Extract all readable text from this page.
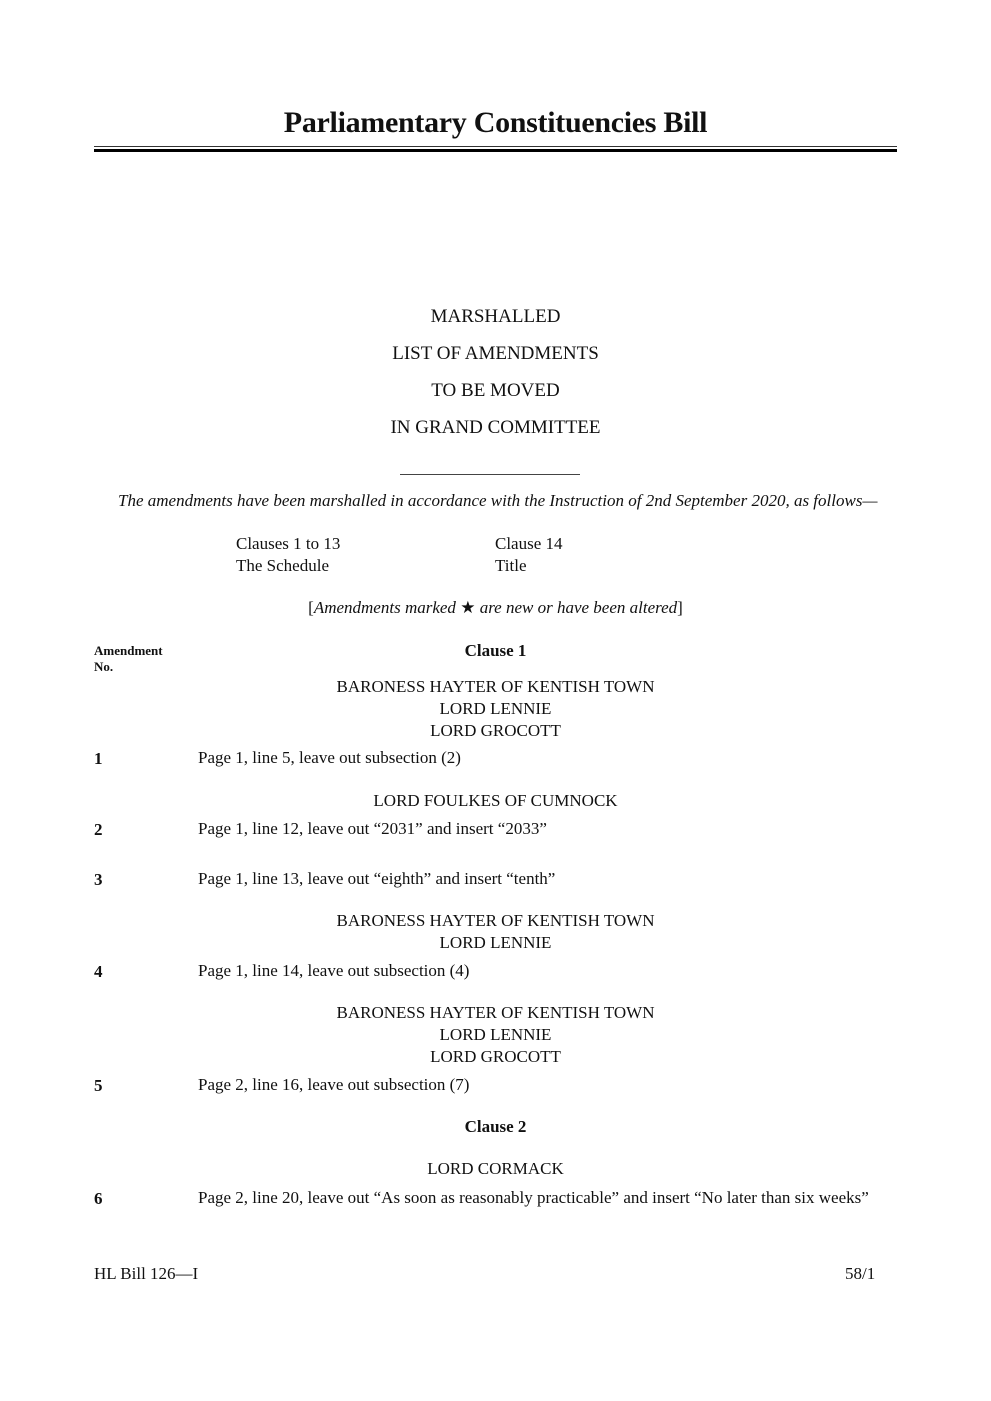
Parliamentary Constituencies Bill
MARSHALLED
LIST OF AMENDMENTS
TO BE MOVED
IN GRAND COMMITTEE
The amendments have been marshalled in accordance with the Instruction of 2nd September 2020, as follows—
Clauses 1 to 13
The Schedule
Clause 14
Title
[Amendments marked ★ are new or have been altered]
Amendment
No.
Clause 1
BARONESS HAYTER OF KENTISH TOWN
LORD LENNIE
LORD GROCOTT
1	Page 1, line 5, leave out subsection (2)
LORD FOULKES OF CUMNOCK
2	Page 1, line 12, leave out “2031” and insert “2033”
3	Page 1, line 13, leave out “eighth” and insert “tenth”
BARONESS HAYTER OF KENTISH TOWN
LORD LENNIE
4	Page 1, line 14, leave out subsection (4)
BARONESS HAYTER OF KENTISH TOWN
LORD LENNIE
LORD GROCOTT
5	Page 2, line 16, leave out subsection (7)
Clause 2
LORD CORMACK
6	Page 2, line 20, leave out “As soon as reasonably practicable” and insert “No later than six weeks”
HL Bill 126—I	58/1
